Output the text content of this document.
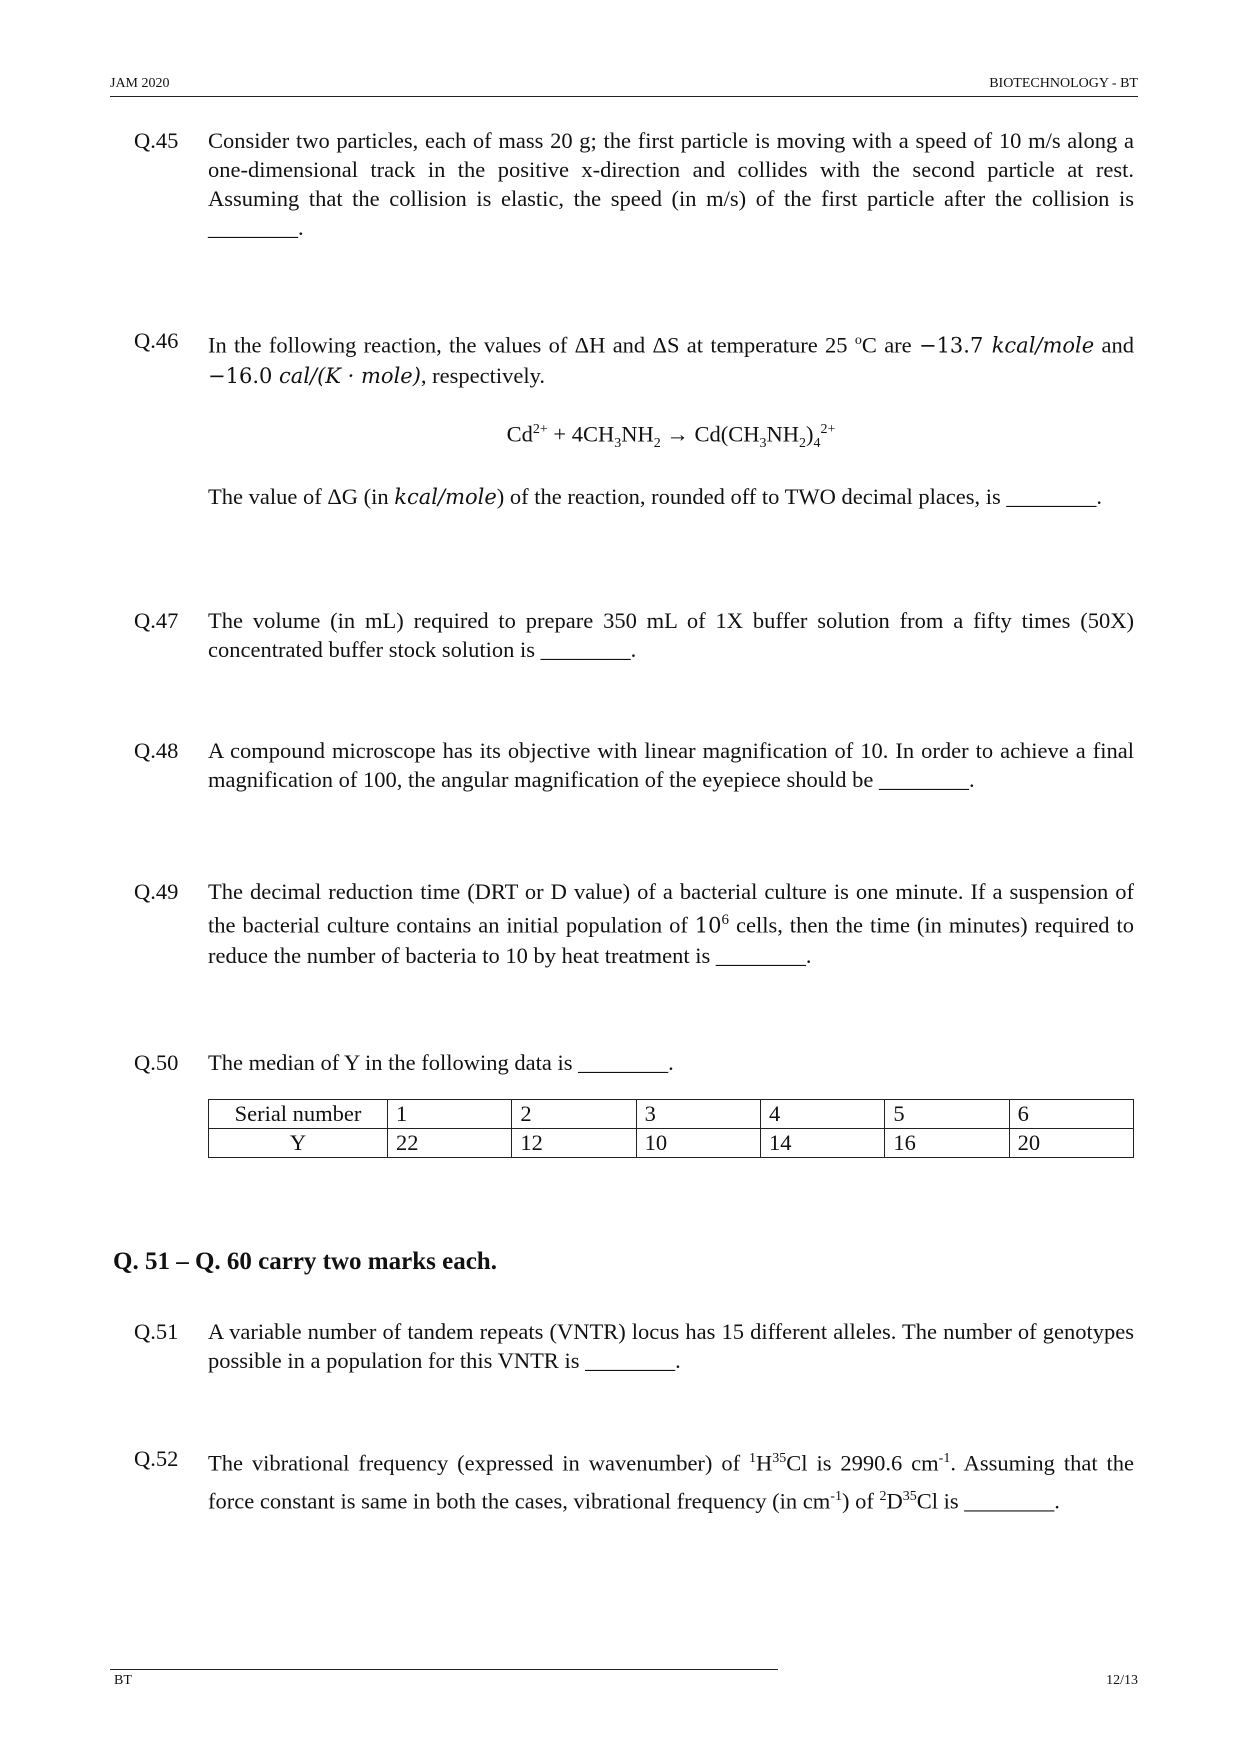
JAM 2020	BIOTECHNOLOGY - BT
Q.45	Consider two particles, each of mass 20 g; the first particle is moving with a speed of 10 m/s along a one-dimensional track in the positive x-direction and collides with the second particle at rest. Assuming that the collision is elastic, the speed (in m/s) of the first particle after the collision is ________.
Q.46	In the following reaction, the values of ΔH and ΔS at temperature 25 $^o$C are −13.7 kcal/mole and −16.0 cal/(K · mole), respectively.
$Cd^{2+} + 4CH_3NH_2 \to Cd(CH_3NH_2)_4^{2+}$
The value of ΔG (in kcal/mole) of the reaction, rounded off to TWO decimal places, is ________.
Q.47	The volume (in mL) required to prepare 350 mL of 1X buffer solution from a fifty times (50X) concentrated buffer stock solution is ________.
Q.48	A compound microscope has its objective with linear magnification of 10. In order to achieve a final magnification of 100, the angular magnification of the eyepiece should be ________.
Q.49	The decimal reduction time (DRT or D value) of a bacterial culture is one minute. If a suspension of the bacterial culture contains an initial population of $10^6$ cells, then the time (in minutes) required to reduce the number of bacteria to 10 by heat treatment is ________.
Q.50	The median of Y in the following data is ________.
Serial number	1	2	3	4	5	6
Y	22	12	10	14	16	20
Q. 51 – Q. 60 carry two marks each.
Q.51	A variable number of tandem repeats (VNTR) locus has 15 different alleles. The number of genotypes possible in a population for this VNTR is ________.
Q.52	The vibrational frequency (expressed in wavenumber) of $^1H^{35}Cl$ is 2990.6 $cm^{-1}$. Assuming that the force constant is same in both the cases, vibrational frequency (in $cm^{-1}$) of $^2D^{35}Cl$ is ________.
BT	12/13
